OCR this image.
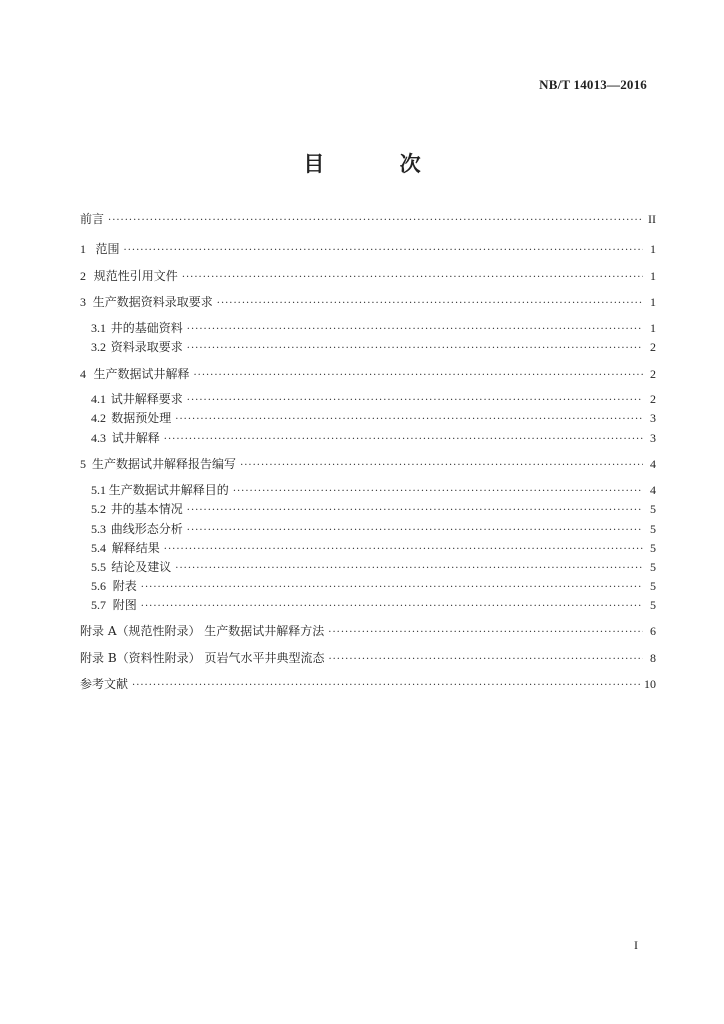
NB/T 14013—2016
目 次
前言 ·····	II
1 范围 ·····	1
2 规范性引用文件 ·····	1
3 生产数据资料录取要求 ·····	1
3.1 井的基础资料 ·····	1
3.2 资料录取要求 ·····	2
4 生产数据试井解释 ·····	2
4.1 试井解释要求 ·····	2
4.2 数据预处理 ·····	3
4.3 试井解释 ·····	3
5 生产数据试井解释报告编写 ·····	4
5.1 生产数据试井解释目的 ·····	4
5.2 井的基本情况 ·····	5
5.3 曲线形态分析 ·····	5
5.4 解释结果 ·····	5
5.5 结论及建议 ·····	5
5.6 附表 ·····	5
5.7 附图 ·····	5
附录 A（规范性附录） 生产数据试井解释方法 ·····	6
附录 B（资料性附录） 页岩气水平井典型流态 ·····	8
参考文献 ·····	10
I
